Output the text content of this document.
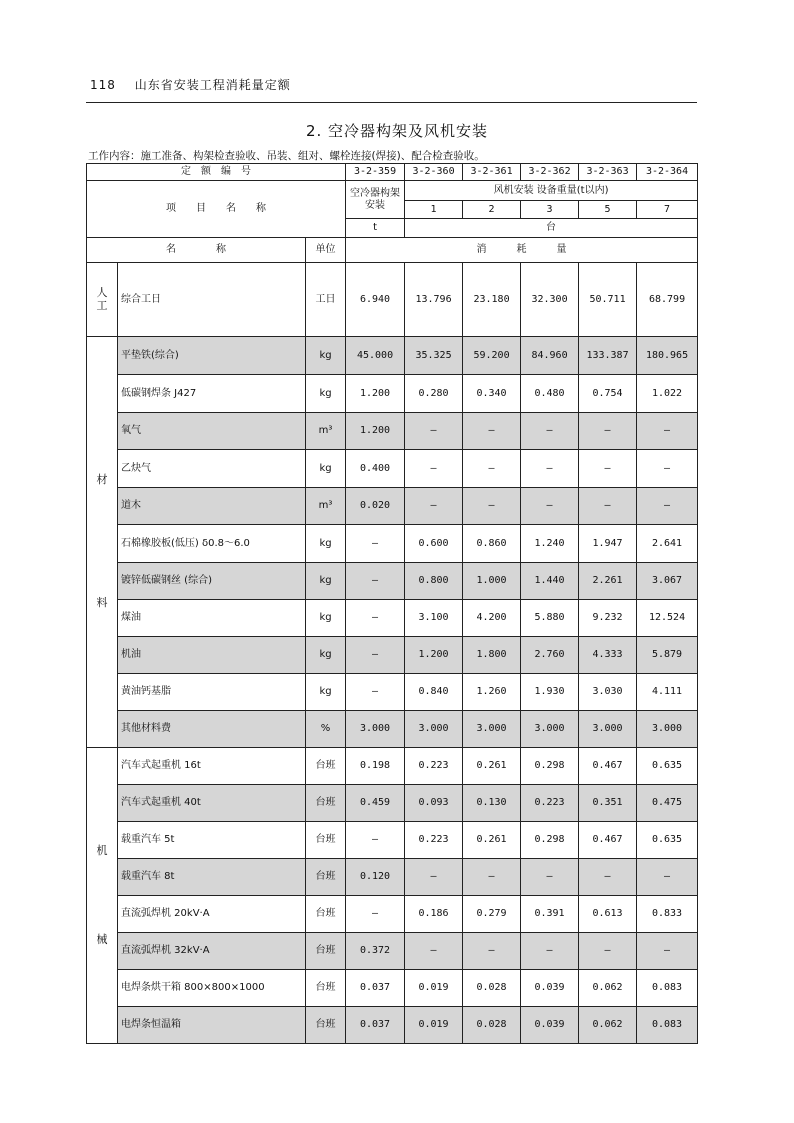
118 山东省安装工程消耗量定额
2. 空冷器构架及风机安装
工作内容：施工准备、构架检查验收、吊装、组对、螺栓连接(焊接)、配合检查验收。
定　额　编　号			3-2-359	3-2-360	3-2-361	3-2-362	3-2-363	3-2-364
项　　目　　名　　称			空冷器构架安装	风机安装 设备重量(t以内)				
				1	2	3	5	7
			t	台				
名　　　　称		单位	消　　　耗　　　量					

人
工	综合工日	工日	6.940	13.796	23.180	32.300	50.711	68.799

材
料	平垫铁(综合)	kg	45.000	35.325	59.200	84.960	133.387	180.965
	低碳钢焊条 J427	kg	1.200	0.280	0.340	0.480	0.754	1.022
	氧气	m³	1.200	—	—	—	—	—
	乙炔气	kg	0.400	—	—	—	—	—
	道木	m³	0.020	—	—	—	—	—
	石棉橡胶板(低压) δ0.8～6.0	kg	—	0.600	0.860	1.240	1.947	2.641
	镀锌低碳钢丝 (综合)	kg	—	0.800	1.000	1.440	2.261	3.067
	煤油	kg	—	3.100	4.200	5.880	9.232	12.524
	机油	kg	—	1.200	1.800	2.760	4.333	5.879
	黄油钙基脂	kg	—	0.840	1.260	1.930	3.030	4.111
	其他材料费	%	3.000	3.000	3.000	3.000	3.000	3.000

机
械	汽车式起重机 16t	台班	0.198	0.223	0.261	0.298	0.467	0.635
	汽车式起重机 40t	台班	0.459	0.093	0.130	0.223	0.351	0.475
	载重汽车 5t	台班	—	0.223	0.261	0.298	0.467	0.635
	载重汽车 8t	台班	0.120	—	—	—	—	—
	直流弧焊机 20kV·A	台班	—	0.186	0.279	0.391	0.613	0.833
	直流弧焊机 32kV·A	台班	0.372	—	—	—	—	—
	电焊条烘干箱 800×800×1000	台班	0.037	0.019	0.028	0.039	0.062	0.083
	电焊条恒温箱	台班	0.037	0.019	0.028	0.039	0.062	0.083
